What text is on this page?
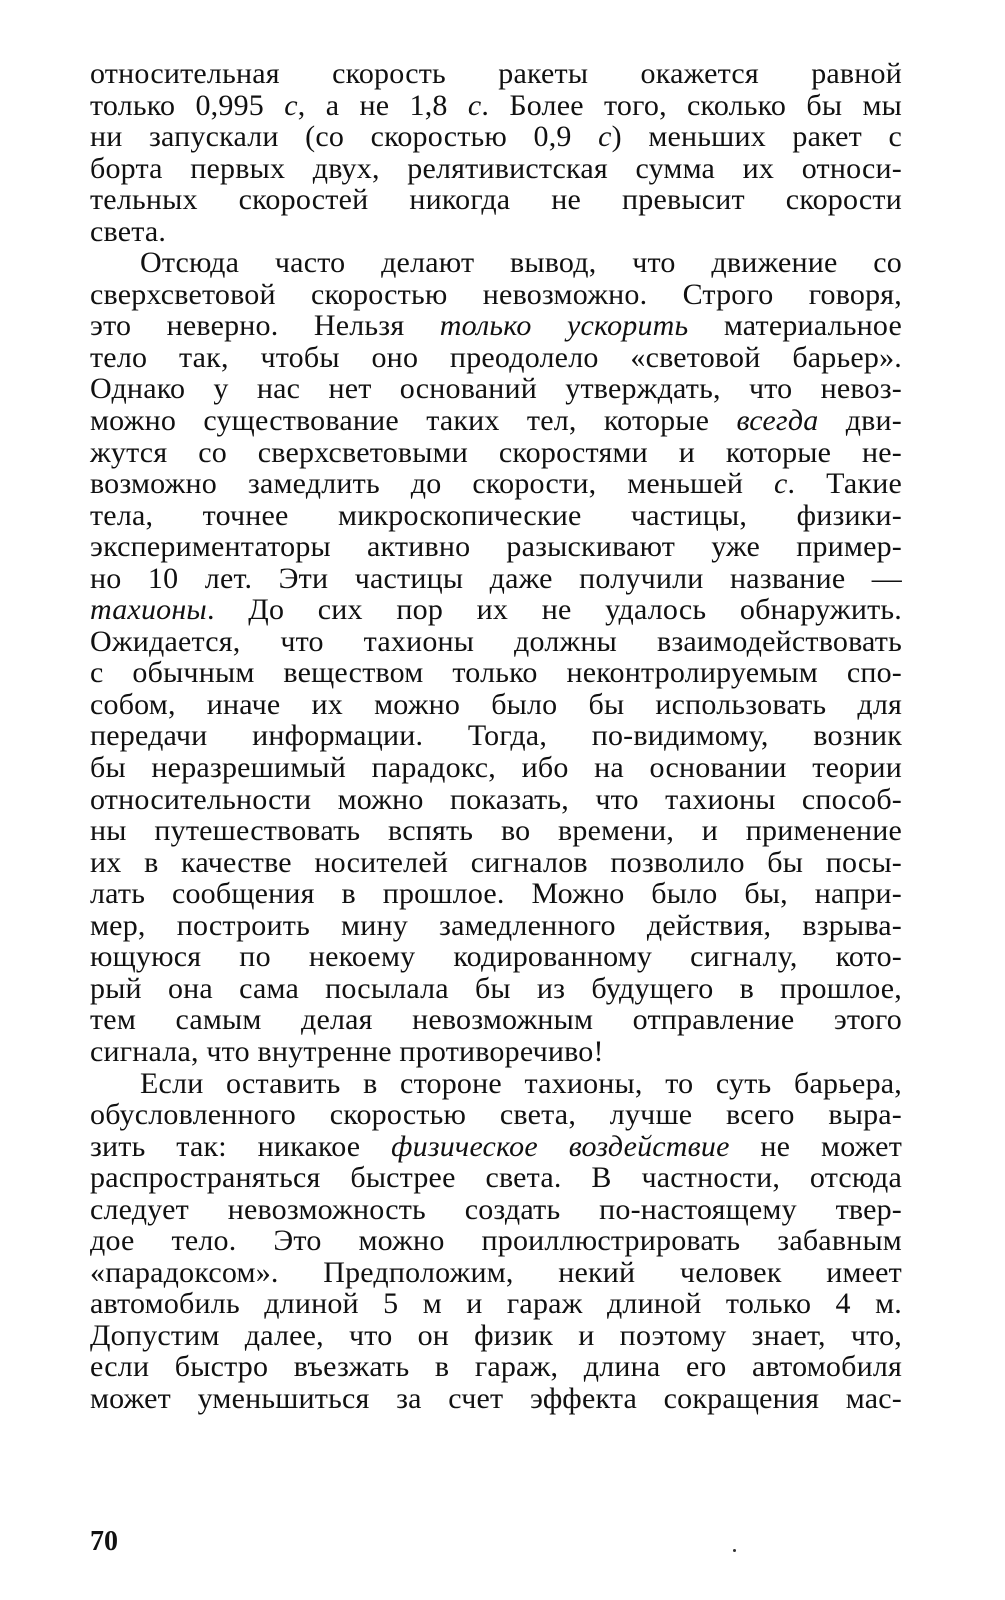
относительная скорость ракеты окажется равной
только 0,995 c, а не 1,8 c. Более того, сколько бы мы
ни запускали (со скоростью 0,9 c) меньших ракет с
борта первых двух, релятивистская сумма их относи-
тельных скоростей никогда не превысит скорости
света.
Отсюда часто делают вывод, что движение со
сверхсветовой скоростью невозможно. Строго говоря,
это неверно. Нельзя только ускорить материальное
тело так, чтобы оно преодолело «световой барьер».
Однако у нас нет оснований утверждать, что невоз-
можно существование таких тел, которые всегда дви-
жутся со сверхсветовыми скоростями и которые не-
возможно замедлить до скорости, меньшей c. Такие
тела, точнее микроскопические частицы, физики-
экспериментаторы активно разыскивают уже пример-
но 10 лет. Эти частицы даже получили название —
тахионы. До сих пор их не удалось обнаружить.
Ожидается, что тахионы должны взаимодействовать
с обычным веществом только неконтролируемым спо-
собом, иначе их можно было бы использовать для
передачи информации. Тогда, по-видимому, возник
бы неразрешимый парадокс, ибо на основании теории
относительности можно показать, что тахионы способ-
ны путешествовать вспять во времени, и применение
их в качестве носителей сигналов позволило бы посы-
лать сообщения в прошлое. Можно было бы, напри-
мер, построить мину замедленного действия, взрыва-
ющуюся по некоему кодированному сигналу, кото-
рый она сама посылала бы из будущего в прошлое,
тем самым делая невозможным отправление этого
сигнала, что внутренне противоречиво!
Если оставить в стороне тахионы, то суть барьера,
обусловленного скоростью света, лучше всего выра-
зить так: никакое физическое воздействие не может
распространяться быстрее света. В частности, отсюда
следует невозможность создать по-настоящему твер-
дое тело. Это можно проиллюстрировать забавным
«парадоксом». Предположим, некий человек имеет
автомобиль длиной 5 м и гараж длиной только 4 м.
Допустим далее, что он физик и поэтому знает, что,
если быстро въезжать в гараж, длина его автомобиля
может уменьшиться за счет эффекта сокращения мас-
70
